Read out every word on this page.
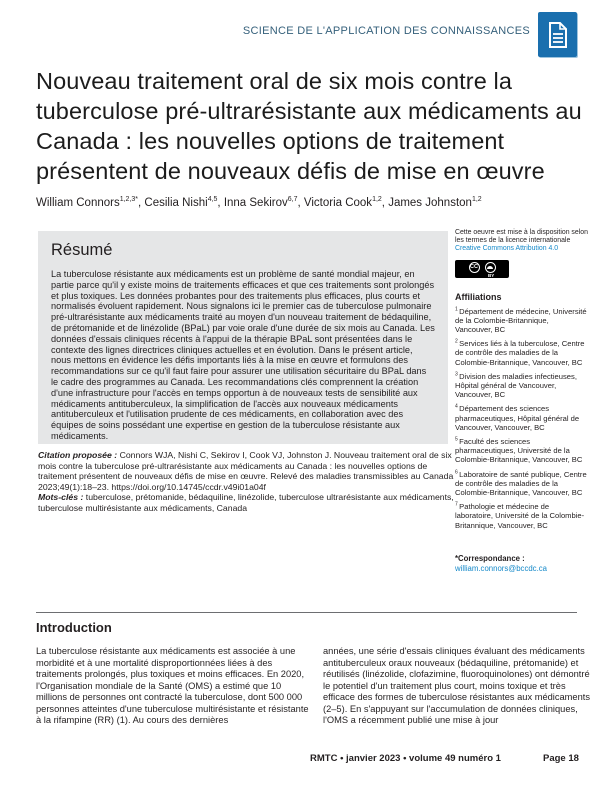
SCIENCE DE L'APPLICATION DES CONNAISSANCES
Nouveau traitement oral de six mois contre la tuberculose pré-ultrarésistante aux médicaments au Canada : les nouvelles options de traitement présentent de nouveaux défis de mise en œuvre
William Connors$^{1,2,3*}$, Cesilia Nishi$^{4,5}$, Inna Sekirov$^{6,7}$, Victoria Cook$^{1,2}$, James Johnston$^{1,2}$
Résumé

La tuberculose résistante aux médicaments est un problème de santé mondial majeur, en partie parce qu'il y existe moins de traitements efficaces et que ces traitements sont prolongés et plus toxiques. Les données probantes pour des traitements plus efficaces, plus courts et normalisés évoluent rapidement. Nous signalons ici le premier cas de tuberculose pulmonaire pré-ultrarésistante aux médicaments traité au moyen d'un nouveau traitement de bédaquiline, de prétomanide et de linézolide (BPaL) par voie orale d'une durée de six mois au Canada. Les données d'essais cliniques récents à l'appui de la thérapie BPaL sont présentées dans le contexte des lignes directrices cliniques actuelles et en évolution. Dans le présent article, nous mettons en évidence les défis importants liés à la mise en œuvre et formulons des recommandations sur ce qu'il faut faire pour assurer une utilisation sécuritaire du BPaL dans le cadre des programmes au Canada. Les recommandations clés comprennent la création d'une infrastructure pour l'accès en temps opportun à de nouveaux tests de sensibilité aux médicaments antituberculeux, la simplification de l'accès aux nouveaux médicaments antituberculeux et l'utilisation prudente de ces médicaments, en collaboration avec des équipes de soins possédant une expertise en gestion de la tuberculose résistante aux médicaments.

Citation proposée : Connors WJA, Nishi C, Sekirov I, Cook VJ, Johnston J. Nouveau traitement oral de six mois contre la tuberculose pré-ultrarésistante aux médicaments au Canada : les nouvelles options de traitement présentent de nouveaux défis de mise en œuvre. Relevé des maladies transmissibles au Canada 2023;49(1):18–23. https://doi.org/10.14745/ccdr.v49i01a04f

Mots-clés : tuberculose, prétomanide, bédaquiline, linézolide, tuberculose ultrarésistante aux médicaments, tuberculose multirésistante aux médicaments, Canada

Cette oeuvre est mise à la disposition selon les termes de la licence internationale Creative Commons Attribution 4.0

CC
BY
Affiliations

$^1$ Département de médecine, Université de la Colombie-Britannique, Vancouver, BC

$^2$ Services liés à la tuberculose, Centre de contrôle des maladies de la Colombie-Britannique, Vancouver, BC

$^3$ Division des maladies infectieuses, Hôpital général de Vancouver, Vancouver, BC

$^4$ Département des sciences pharmaceutiques, Hôpital général de Vancouver, Vancouver, BC

$^5$ Faculté des sciences pharmaceutiques, Université de la Colombie-Britannique, Vancouver, BC

$^6$ Laboratoire de santé publique, Centre de contrôle des maladies de la Colombie-Britannique, Vancouver, BC

$^7$ Pathologie et médecine de laboratoire, Université de la Colombie-Britannique, Vancouver, BC

*Correspondance :
william.connors@bccdc.ca

Introduction

La tuberculose résistante aux médicaments est associée à une morbidité et à une mortalité disproportionnées liées à des traitements prolongés, plus toxiques et moins efficaces. En 2020, l'Organisation mondiale de la Santé (OMS) a estimé que 10 millions de personnes ont contracté la tuberculose, dont 500 000 personnes atteintes d'une tuberculose multirésistante et résistante à la rifampine (RR) (1). Au cours des dernières

années, une série d'essais cliniques évaluant des médicaments antituberculeux oraux nouveaux (bédaquiline, prétomanide) et réutilisés (linézolide, clofazimine, fluoroquinolones) ont démontré le potentiel d'un traitement plus court, moins toxique et très efficace des formes de tuberculose résistantes aux médicaments (2–5). En s'appuyant sur l'accumulation de données cliniques, l'OMS a récemment publié une mise à jour

RMTC • janvier 2023 • volume 49 numéro 1	Page 18
